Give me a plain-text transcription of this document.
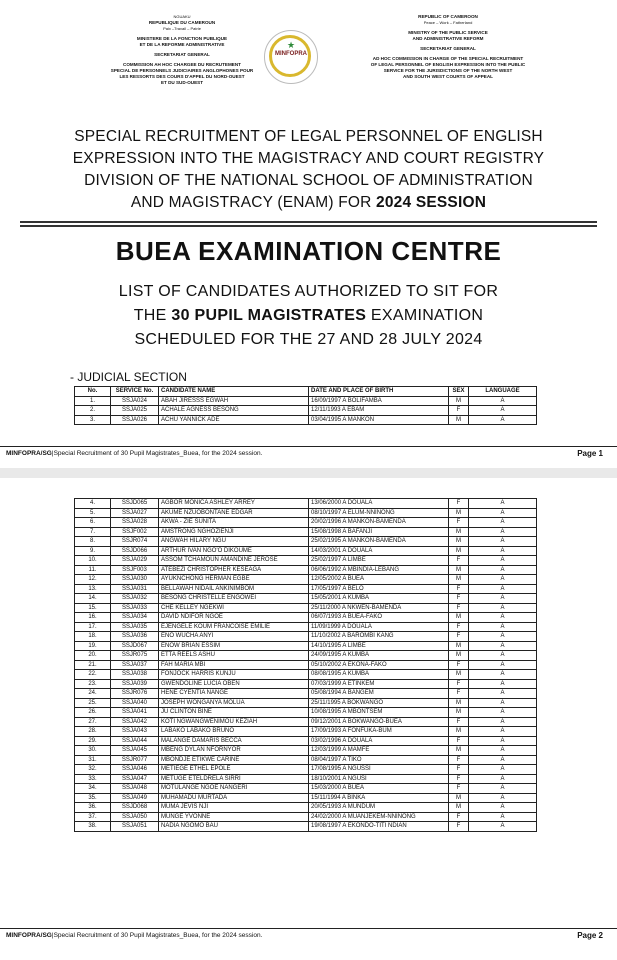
NGUAKU
REPUBLIQUE DU CAMEROUN
Paix –Travail – Patrie
MINISTERE DE LA FONCTION PUBLIQUE
ET DE LA REFORME ADMINISTRATIVE
SECRETARIAT GENERAL
COMMISSION AH HOC CHARGEE DU RECRUTEMENT
SPECIAL DE PERSONNELS JUDICIAIRES ANGLOPHONES POUR
LES RESSORTS DES COURS D'APPEL DU NORD-OUEST
ET DU SUD-OUEST
★
MINFOPRA
REPUBLIC OF CAMEROON
Peace – Work – Fatherland
MINISTRY OF THE PUBLIC SERVICE
AND ADMINISTRATIVE REFORM
SECRETARIAT GENERAL
AD HOC COMMISSION IN CHARGE OF THE SPECIAL RECRUITMENT
OF LEGAL PERSONNEL OF ENGLISH EXPRESSION INTO THE PUBLIC
SERVICE FOR THE JURISDICTIONS OF THE NORTH WEST
AND SOUTH WEST COURTS OF APPEAL
SPECIAL RECRUITMENT OF LEGAL PERSONNEL OF ENGLISH
EXPRESSION INTO THE MAGISTRACY AND COURT REGISTRY
DIVISION OF THE NATIONAL SCHOOL OF ADMINISTRATION
AND MAGISTRACY (ENAM) FOR 2024 SESSION
BUEA EXAMINATION CENTRE
LIST OF CANDIDATES AUTHORIZED TO SIT FOR
THE 30 PUPIL MAGISTRATES EXAMINATION
SCHEDULED FOR THE 27 AND 28 JULY 2024
- JUDICIAL SECTION
No.	SERVICE No.	CANDIDATE NAME	DATE AND PLACE OF BIRTH	SEX	LANGUAGE
1.	SSJA024	ABAH JIRESSS EGWAH	16/09/1997 A BOLIFAMBA	M	A
2.	SSJA025	ACHALE AGNESS BESONG	12/11/1993 A EBAM	F	A
3.	SSJA026	ACHU YANNICK ADE	03/04/1995 A MANKON	M	A
MINFOPRA/SG|Special Recruitment of 30 Pupil Magistrates_Buea, for the 2024 session.	Page 1
4.	SSJD065	AGBOR MONICA ASHLEY ARREY	13/06/2000 A DOUALA	F	A
5.	SSJA027	AKUME NZUOBONTANE EDGAR	08/10/1997 A ELUM-NNINONG	M	A
6.	SSJA028	AKWA - ZIE SUNITA	20/02/1996 A MANKON-BAMENDA	F	A
7.	SSJF002	AMSTRONG NGHOZIENJI	15/08/1998 A BAFANJI	M	A
8.	SSJR074	ANGWAH HILARY NGU	25/02/1995 A MANKON-BAMENDA	M	A
9.	SSJD066	ARTHUR IVAN NGO'O DIKOUME	14/03/2001 A DOUALA	M	A
10.	SSJA029	ASSOM TCHAMOUN AMANDINE JEROSE	25/02/1997 A LIMBE	F	A
11.	SSJF003	ATEBEZI CHRISTOPHER KESEAGA	06/06/1992 A MBINDIA-LEBANG	M	A
12.	SSJA030	AYUKNCHONG HERMAN EGBE	12/05/2002 A BUEA	M	A
13.	SSJA031	BELLAWAH NIDAIL ANKINIMBOM	17/05/1997 A BELO	F	A
14.	SSJA032	BESONG CHRISTELLE ENGOWEI	15/05/2001 A KUMBA	F	A
15.	SSJA033	CHE KELLEY NGEKWI	25/11/2000 A NKWEN-BAMENDA	F	A
16.	SSJA034	DAVID NDIFOR NGOE	06/07/1993 A BUEA-FAKO	M	A
17.	SSJA035	EJENGELE KOUM FRANCOISE EMILIE	11/09/1999 A DOUALA	F	A
18.	SSJA036	ENO WUCHA ANYI	11/10/2002 A BAROMBI KANG	F	A
19.	SSJD067	ENOW BRIAN ESSIM	14/10/1995 A LIMBE	M	A
20.	SSJR075	ETTA REELS ASHU	24/09/1995 A KUMBA	M	A
21.	SSJA037	FAH MARIA MBI	05/10/2002 A EKONA-FAKO	F	A
22.	SSJA038	FONJOCK HARRIS KUNJU	08/08/1995 A KUMBA	M	A
23.	SSJA039	GWENDOLINE LUCIA OBEN	07/03/1999 A ETINKEM	F	A
24.	SSJR076	HENE CYENTIA NANGE	05/08/1994 A BANGEM	F	A
25.	SSJA040	JOSEPH WONGANYA MOLUA	25/11/1995 A BOKWANGO	M	A
26.	SSJA041	JU CLINTON BINE	10/08/1995 A MBONTSEM	M	A
27.	SSJA042	KOTI NGWANGWENIMOU KEZIAH	09/12/2001 A BOKWANGO-BUEA	F	A
28.	SSJA043	LABAKO LABAKO BRUNO	17/09/1993 A FONFUKA-BUM	M	A
29.	SSJA044	MALANGE DAMARIS BECCA	03/02/1996 A DOUALA	F	A
30.	SSJA045	MBENG DYLAN NFORNYOR	12/03/1999 A MAMFE	M	A
31.	SSJR077	MBONDJE ETIKWE CARINE	08/04/1997 A TIKO	F	A
32.	SSJA046	METIEGE ETHEL EPOLE	17/08/1995 A NGUSSI	F	A
33.	SSJA047	METUGE ETELDRELA SIRRI	18/10/2001 A NGUSI	F	A
34.	SSJA048	MOTULANGE NGOE NANGERI	15/03/2000 A BUEA	F	A
35.	SSJA049	MUHAMADU MURTADA	15/11/1994 A BINKA	M	A
36.	SSJD068	MUMA JEVIS NJI	20/05/1993 A MUNDUM	M	A
37.	SSJA050	MUNGE YVONNE	24/02/2000 A MUANJEKEM-NNINONG	F	A
38.	SSJA051	NADIA NGOMO BAU	19/08/1997 A EKONDO-TITI NDIAN	F	A
MINFOPRA/SG|Special Recruitment of 30 Pupil Magistrates_Buea, for the 2024 session.	Page 2
